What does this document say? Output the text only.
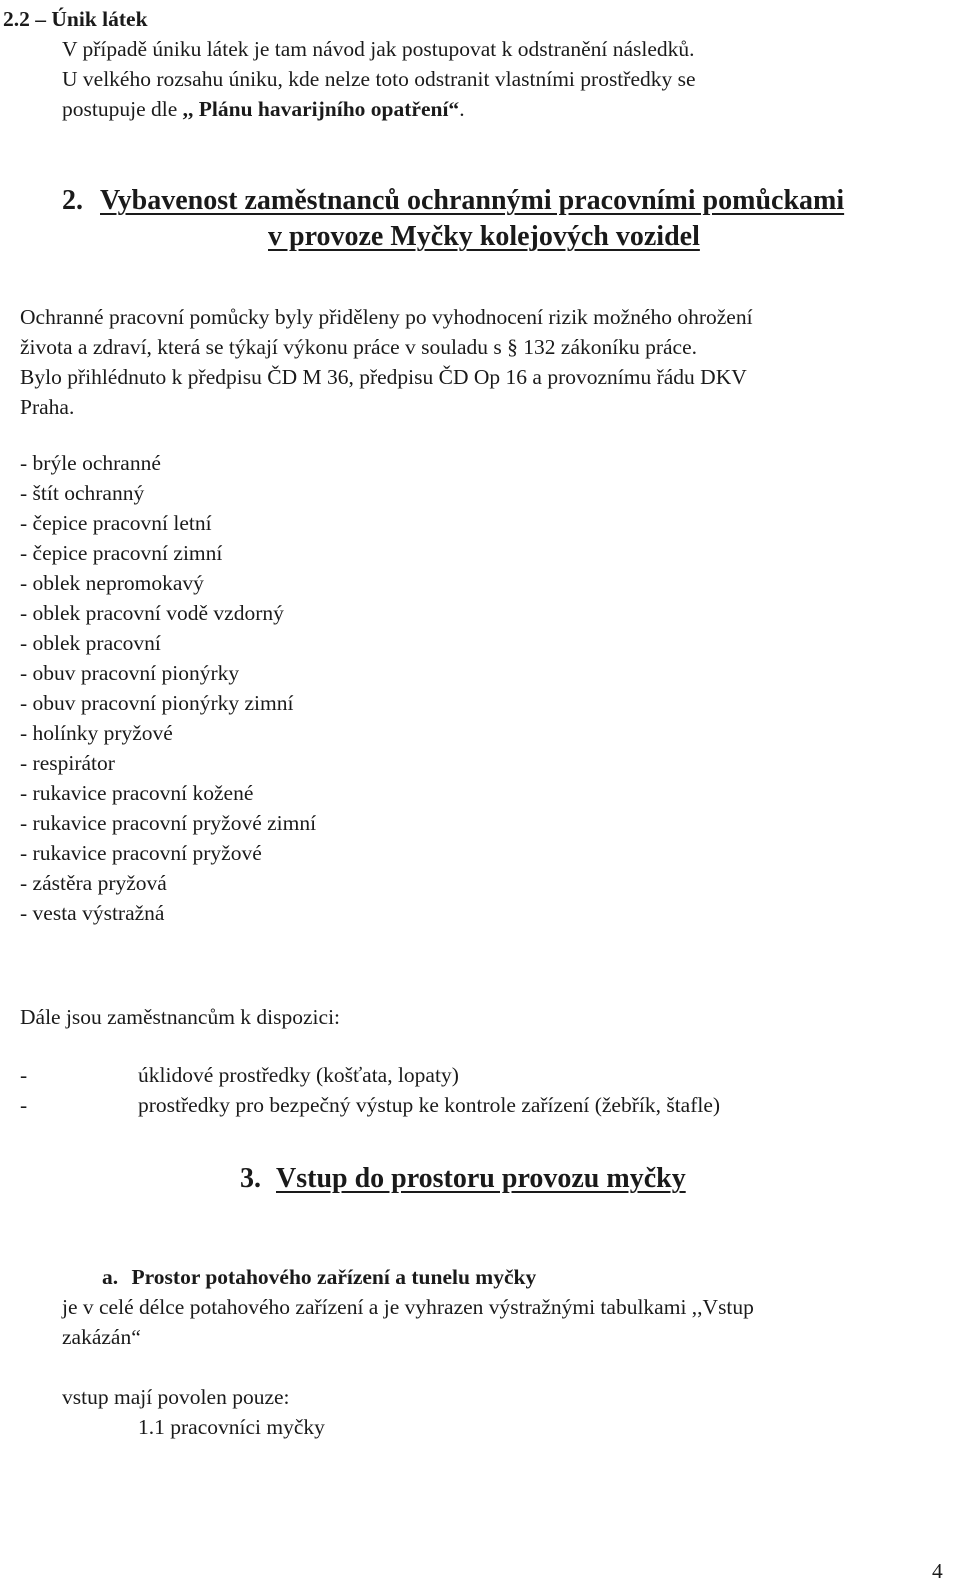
2.2 – Únik látek
V případě úniku látek je tam návod jak postupovat k odstranění následků.
U velkého rozsahu úniku, kde nelze toto odstranit vlastními prostředky se
postupuje dle ,, Plánu havarijního opatření“.
2. Vybavenost zaměstnanců ochrannými pracovními pomůckami
v provoze Myčky kolejových vozidel
Ochranné pracovní pomůcky byly přiděleny po vyhodnocení rizik možného ohrožení
života a zdraví, která se týkají výkonu práce v souladu s § 132 zákoníku práce.
Bylo přihlédnuto k předpisu ČD M 36, předpisu ČD Op 16 a provoznímu řádu DKV
Praha.
- brýle ochranné
- štít ochranný
- čepice pracovní letní
- čepice pracovní zimní
- oblek nepromokavý
- oblek pracovní vodě vzdorný
- oblek pracovní
- obuv pracovní pionýrky
- obuv pracovní pionýrky zimní
- holínky pryžové
- respirátor
- rukavice pracovní kožené
- rukavice pracovní pryžové zimní
- rukavice pracovní pryžové
- zástěra pryžová
- vesta výstražná
Dále jsou zaměstnancům k dispozici:
-	úklidové prostředky (košťata, lopaty)
-	prostředky pro bezpečný výstup ke kontrole zařízení (žebřík, štafle)
3. Vstup do prostoru provozu myčky
a. Prostor potahového zařízení a tunelu myčky
je v celé délce potahového zařízení a je vyhrazen výstražnými tabulkami ,,Vstup
zakázán“
vstup mají povolen pouze:
1.1 pracovníci myčky
4
